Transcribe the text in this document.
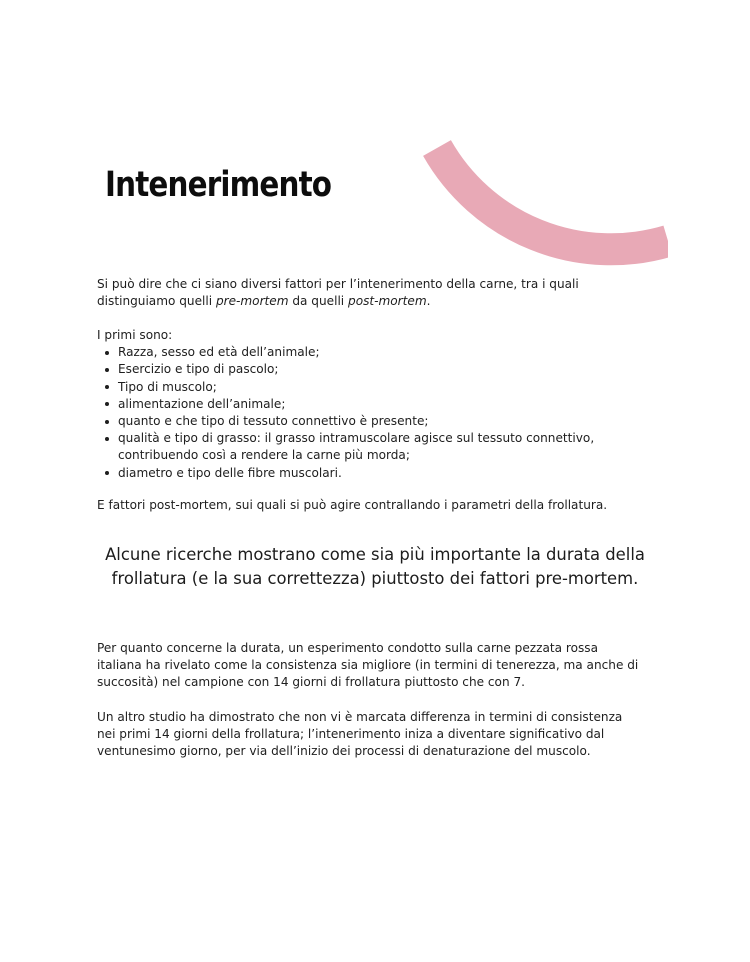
Intenerimento

Si può dire che ci siano diversi fattori per l’intenerimento della carne, tra i quali distinguiamo quelli pre-mortem da quelli post-mortem.

I primi sono:

Razza, sesso ed età dell’animale;
Esercizio e tipo di pascolo;
Tipo di muscolo;
alimentazione dell’animale;
quanto e che tipo di tessuto connettivo è presente;
qualità e tipo di grasso: il grasso intramuscolare agisce sul tessuto connettivo, contribuendo così a rendere la carne più morda;
diametro e tipo delle fibre muscolari.

E fattori post-mortem, sui quali si può agire contrallando i parametri della frollatura.

Alcune ricerche mostrano come sia più importante la durata della frollatura (e la sua correttezza) piuttosto dei fattori pre-mortem.

Per quanto concerne la durata, un esperimento condotto sulla carne pezzata rossa italiana ha rivelato come la consistenza sia migliore (in termini di tenerezza, ma anche di succosità) nel campione con 14 giorni di frollatura piuttosto che con 7.

Un altro studio ha dimostrato che non vi è marcata differenza in termini di consistenza nei primi 14 giorni della frollatura; l’intenerimento iniza a diventare significativo dal ventunesimo giorno, per via dell’inizio dei processi di denaturazione del muscolo.
